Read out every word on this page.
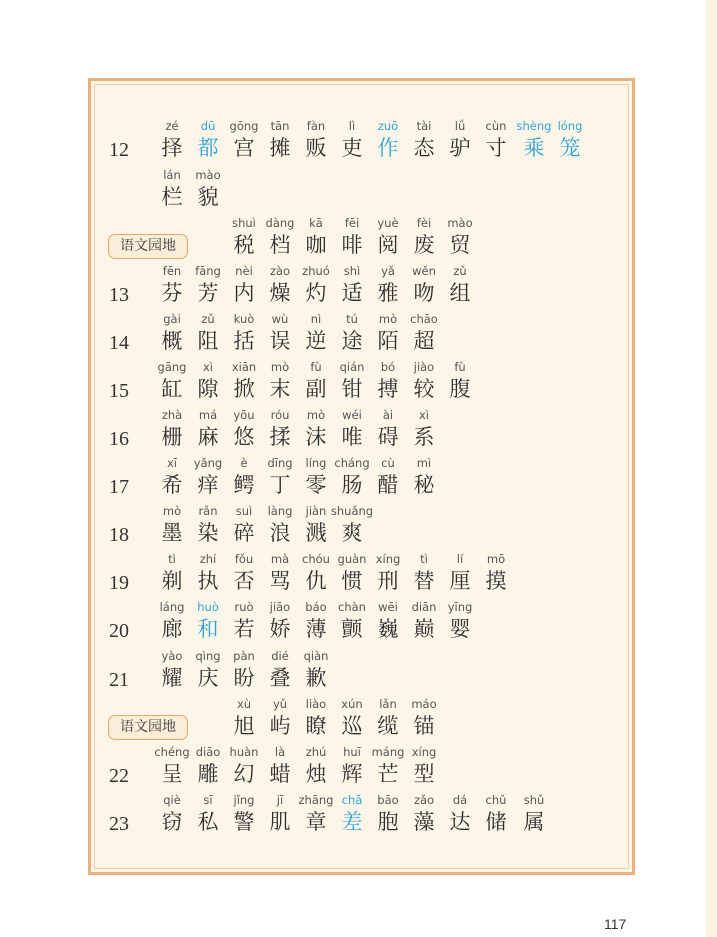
12
zé
择
dū
都
gōng
宫
tān
摊
fàn
贩
lì
吏
zuō
作
tài
态
lǘ
驴
cùn
寸
shèng
乘
lóng
笼
lán
栏
mào
貌
语文园地
shuì
税
dàng
档
kā
咖
fēi
啡
yuè
阅
fèi
废
mào
贸
13
fēn
芬
fāng
芳
nèi
内
zào
燥
zhuó
灼
shì
适
yǎ
雅
wěn
吻
zǔ
组
14
gài
概
zǔ
阻
kuò
括
wù
误
nì
逆
tú
途
mò
陌
chāo
超
15
gāng
缸
xì
隙
xiān
掀
mò
末
fù
副
qián
钳
bó
搏
jiào
较
fù
腹
16
zhà
栅
má
麻
yōu
悠
róu
揉
mò
沫
wéi
唯
ài
碍
xì
系
17
xī
希
yǎng
痒
è
鳄
dīng
丁
líng
零
cháng
肠
cù
醋
mì
秘
18
mò
墨
rǎn
染
suì
碎
làng
浪
jiàn
溅
shuǎng
爽
19
tì
剃
zhí
执
fǒu
否
mà
骂
chóu
仇
guàn
惯
xíng
刑
tì
替
lí
厘
mō
摸
20
láng
廊
huò
和
ruò
若
jiāo
娇
báo
薄
chàn
颤
wēi
巍
diān
巅
yīng
婴
21
yào
耀
qìng
庆
pàn
盼
dié
叠
qiàn
歉
语文园地
xù
旭
yǔ
屿
liào
瞭
xún
巡
lǎn
缆
máo
锚
22
chéng
呈
diāo
雕
huàn
幻
là
蜡
zhú
烛
huī
辉
máng
芒
xíng
型
23
qiè
窃
sī
私
jǐng
警
jī
肌
zhāng
章
chā
差
bāo
胞
zǎo
藻
dá
达
chǔ
储
shǔ
属
117
